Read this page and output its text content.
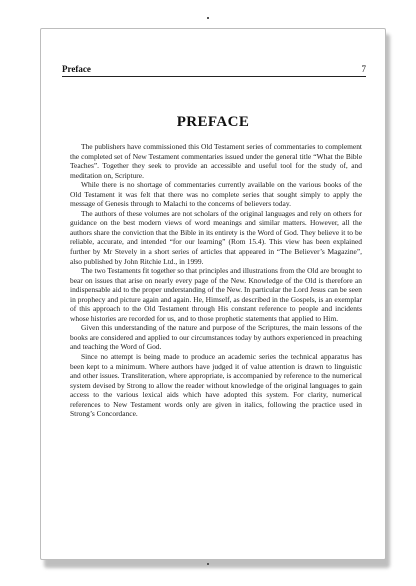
Preface	7
PREFACE

The publishers have commissioned this Old Testament series of commentaries to complement the completed set of New Testament commentaries issued under the general title “What the Bible Teaches”. Together they seek to provide an accessible and useful tool for the study of, and meditation on, Scripture.

While there is no shortage of commentaries currently available on the various books of the Old Testament it was felt that there was no complete series that sought simply to apply the message of Genesis through to Malachi to the concerns of believers today.

The authors of these volumes are not scholars of the original languages and rely on others for guidance on the best modern views of word meanings and similar matters. However, all the authors share the conviction that the Bible in its entirety is the Word of God. They believe it to be reliable, accurate, and intended “for our learning” (Rom 15.4). This view has been explained further by Mr Stevely in a short series of articles that appeared in “The Believer’s Magazine”, also published by John Ritchie Ltd., in 1999.

The two Testaments fit together so that principles and illustrations from the Old are brought to bear on issues that arise on nearly every page of the New. Knowledge of the Old is therefore an indispensable aid to the proper understanding of the New. In particular the Lord Jesus can be seen in prophecy and picture again and again. He, Himself, as described in the Gospels, is an exemplar of this approach to the Old Testament through His constant reference to people and incidents whose histories are recorded for us, and to those prophetic statements that applied to Him.

Given this understanding of the nature and purpose of the Scriptures, the main lessons of the books are considered and applied to our circumstances today by authors experienced in preaching and teaching the Word of God.

Since no attempt is being made to produce an academic series the technical apparatus has been kept to a minimum. Where authors have judged it of value attention is drawn to linguistic and other issues. Transliteration, where appropriate, is accompanied by reference to the numerical system devised by Strong to allow the reader without knowledge of the original languages to gain access to the various lexical aids which have adopted this system. For clarity, numerical references to New Testament words only are given in italics, following the practice used in Strong’s Concordance.
